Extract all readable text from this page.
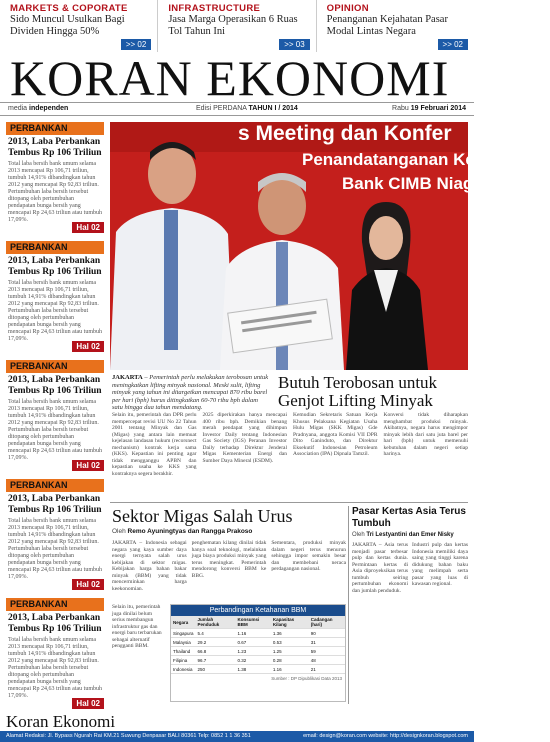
MARKETS & COPORATE
Sido Muncul Usulkan Bagi Dividen Hingga 50%
>> 02
INFRASTRUCTURE
Jasa Marga Operasikan 6 Ruas Tol Tahun Ini
>> 03
OPINION
Penanganan Kejahatan Pasar Modal Lintas Negara
>> 02
KORAN EKONOMI
media independen	Edisi PERDANA TAHUN I / 2014	Rabu 19 Februari 2014
PERBANKAN
2013, Laba Perbankan Tembus Rp 106 Triliun
Total laba bersih bank umum selama 2013 mencapai Rp 106,71 triliun, tumbuh 14,91% dibandingkan tahun 2012 yang mencapai Rp 92,83 triliun. Pertumbuhan laba bersih tersebut ditopang oleh pertumbuhan pendapatan bunga bersih yang mencapai Rp 24,63 triliun atau tumbuh 17,09%.
Hal 02
PERBANKAN
2013, Laba Perbankan Tembus Rp 106 Triliun
Total laba bersih bank umum selama 2013 mencapai Rp 106,71 triliun, tumbuh 14,91% dibandingkan tahun 2012 yang mencapai Rp 92,83 triliun. Pertumbuhan laba bersih tersebut ditopang oleh pertumbuhan pendapatan bunga bersih yang mencapai Rp 24,63 triliun atau tumbuh 17,09%.
Hal 02
PERBANKAN
2013, Laba Perbankan Tembus Rp 106 Triliun
Total laba bersih bank umum selama 2013 mencapai Rp 106,71 triliun, tumbuh 14,91% dibandingkan tahun 2012 yang mencapai Rp 92,83 triliun. Pertumbuhan laba bersih tersebut ditopang oleh pertumbuhan pendapatan bunga bersih yang mencapai Rp 24,63 triliun atau tumbuh 17,09%.
Hal 02
PERBANKAN
2013, Laba Perbankan Tembus Rp 106 Triliun
Total laba bersih bank umum selama 2013 mencapai Rp 106,71 triliun, tumbuh 14,91% dibandingkan tahun 2012 yang mencapai Rp 92,83 triliun. Pertumbuhan laba bersih tersebut ditopang oleh pertumbuhan pendapatan bunga bersih yang mencapai Rp 24,63 triliun atau tumbuh 17,09%.
Hal 02
PERBANKAN
2013, Laba Perbankan Tembus Rp 106 Triliun
Total laba bersih bank umum selama 2013 mencapai Rp 106,71 triliun, tumbuh 14,91% dibandingkan tahun 2012 yang mencapai Rp 92,83 triliun. Pertumbuhan laba bersih tersebut ditopang oleh pertumbuhan pendapatan bunga bersih yang mencapai Rp 24,63 triliun atau tumbuh 17,09%.
Hal 02
s Meeting dan Konfer
Penandatanganan Kerja Tahun
Bank CIMB Niaga Tb
JAKARTA – Pemerintah perlu melakukan terobosan untuk meningkatkan lifting minyak nasional. Meski sulit, lifting minyak yang tahun ini ditargetkan mencapai 870 ribu barel per hari (bph) harus ditingkatkan 60-70 ribu bph dalam satu hingga dua tahun mendatang.
Butuh Terobosan untuk Genjot Lifting Minyak
Selain itu, pemerintah dan DPR perlu mempercepat revisi UU No 22 Tahun 2001 tentang Minyak dan Gas (Migas) yang antara lain memuat kejelasan landasan hukum (recorsnect mechanism) kontrak kerja sama (KKS). Kepastian ini penting agar tidak mengganggu APBN dan kepastian usaha ke KKS yang kontraknya segera berakhir.
2025 diperkirakan hanya mencapai 400 ribu bph. Demikian benang merah pendapat yang dihimpun Investor Daily tentang Indonesian Gas Society (IGS) Peranan Investor Daily terhadap Direktur Jenderal Migas Kementerian Energi dan Sumber Daya Mineral (ESDM).
Kemudian Sekretaris Satuan Kerja Khusus Pelaksana Kegiatan Usaha Hulu Migas (SKK Migas) Gde Pradnyana, anggota Komisi VII DPR Dito Ganinduto, dan Direktur Eksekutif Indonesian Petroleum Association (IPA) Dipnala Tamzil.
Konversi tidak diharapkan menghambat produksi minyak. Akibatnya, negara harus mengimpor minyak lebih dari satu juta barel per hari (bph) untuk memenuhi kebutuhan dalam negeri setiap harinya.
Sektor Migas Salah Urus
Oleh Remo Ayuningtyas dan Rangga Prakoso
JAKARTA – Indonesia sebagai negara yang kaya sumber daya energi ternyata salah urus kebijakan di sektor migas. Kebijakan harga bahan bakar minyak (BBM) yang tidak mencerminkan harga keekonomian.
penghematan kilang dinilai tidak hanya soal teknologi, melainkan juga biaya produksi minyak yang terus meningkat. Pemerintah mendorong konversi BBM ke BBG.
Sementara, produksi minyak dalam negeri terus menurun sehingga impor semakin besar dan membebani neraca perdagangan nasional.
Selain itu, pemerintah juga dinilai belum serius membangun infrastruktur gas dan energi baru terbarukan sebagai alternatif pengganti BBM.
Perbandingan Ketahanan BBM
Negara	Jumlah Penduduk	Konsumsi BBM	Kapasitas Kilang	Cadangan (hari)
Singapura	5.4	1.16	1.36	90
Malaysia	29.2	0.67	0.53	31
Thailand	66.8	1.23	1.25	59
Filipina	96.7	0.32	0.28	48
Indonesia	250	1.38	1.16	21
Sumber : DP Dipublikasi Data 2013
Pasar Kertas Asia Terus Tumbuh
Oleh Tri Lestyantini dan Emer Nisky
JAKARTA – Asia terus menjadi pasar terbesar pulp dan kertas dunia. Permintaan kertas di Asia diproyeksikan terus tumbuh seiring pertumbuhan ekonomi dan jumlah penduduk.
Industri pulp dan kertas Indonesia memiliki daya saing yang tinggi karena didukung bahan baku yang melimpah serta pasar yang luas di kawasan regional.
Koran Ekonomi
Alamat Redaksi: Jl. Bypass Ngurah Rai KM.21 Suwung Denpasar BALI 80361 Telp: 0852 1 1 36 351	email: design@koran.com website: http://designkoran.blogspot.com
